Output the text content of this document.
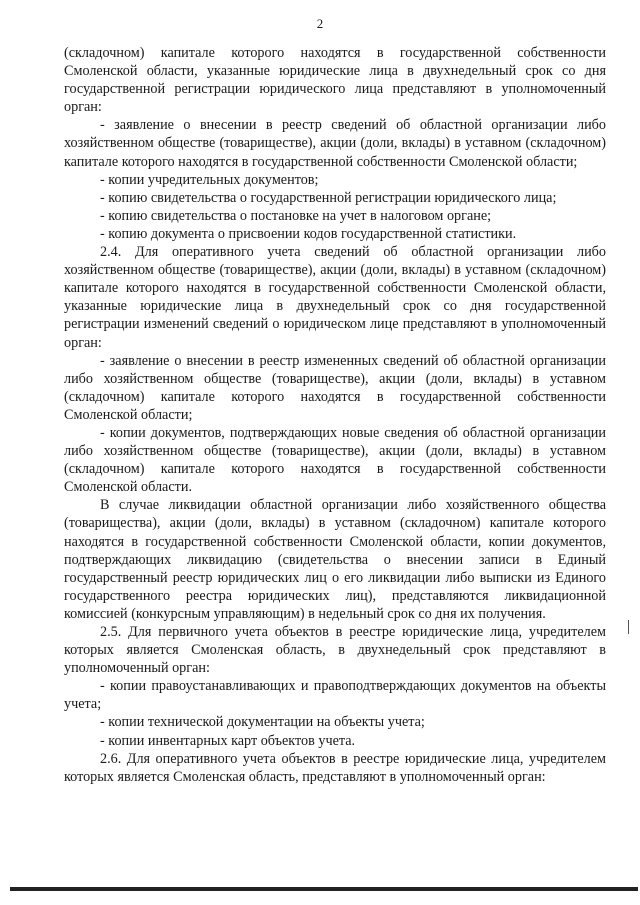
2

(складочном) капитале которого находятся в государственной собственности Смоленской области, указанные юридические лица в двухнедельный срок со дня государственной регистрации юридического лица представляют в уполномоченный орган:

- заявление о внесении в реестр сведений об областной организации либо хозяйственном обществе (товариществе), акции (доли, вклады) в уставном (складочном) капитале которого находятся в государственной собственности Смоленской области;

- копии учредительных документов;

- копию свидетельства о государственной регистрации юридического лица;

- копию свидетельства о постановке на учет в налоговом органе;

- копию документа о присвоении кодов государственной статистики.

2.4. Для оперативного учета сведений об областной организации либо хозяйственном обществе (товариществе), акции (доли, вклады) в уставном (складочном) капитале которого находятся в государственной собственности Смоленской области, указанные юридические лица в двухнедельный срок со дня государственной регистрации изменений сведений о юридическом лице представляют в уполномоченный орган:

- заявление о внесении в реестр измененных сведений об областной организации либо хозяйственном обществе (товариществе), акции (доли, вклады) в уставном (складочном) капитале которого находятся в государственной собственности Смоленской области;

- копии документов, подтверждающих новые сведения об областной организации либо хозяйственном обществе (товариществе), акции (доли, вклады) в уставном (складочном) капитале которого находятся в государственной собственности Смоленской области.

В случае ликвидации областной организации либо хозяйственного общества (товарищества), акции (доли, вклады) в уставном (складочном) капитале которого находятся в государственной собственности Смоленской области, копии документов, подтверждающих ликвидацию (свидетельства о внесении записи в Единый государственный реестр юридических лиц о его ликвидации либо выписки из Единого государственного реестра юридических лиц), представляются ликвидационной комиссией (конкурсным управляющим) в недельный срок со дня их получения.

2.5. Для первичного учета объектов в реестре юридические лица, учредителем которых является Смоленская область, в двухнедельный срок представляют в уполномоченный орган:

- копии правоустанавливающих и правоподтверждающих документов на объекты учета;

- копии технической документации на объекты учета;

- копии инвентарных карт объектов учета.

2.6. Для оперативного учета объектов в реестре юридические лица, учредителем которых является Смоленская область, представляют в уполномоченный орган:
